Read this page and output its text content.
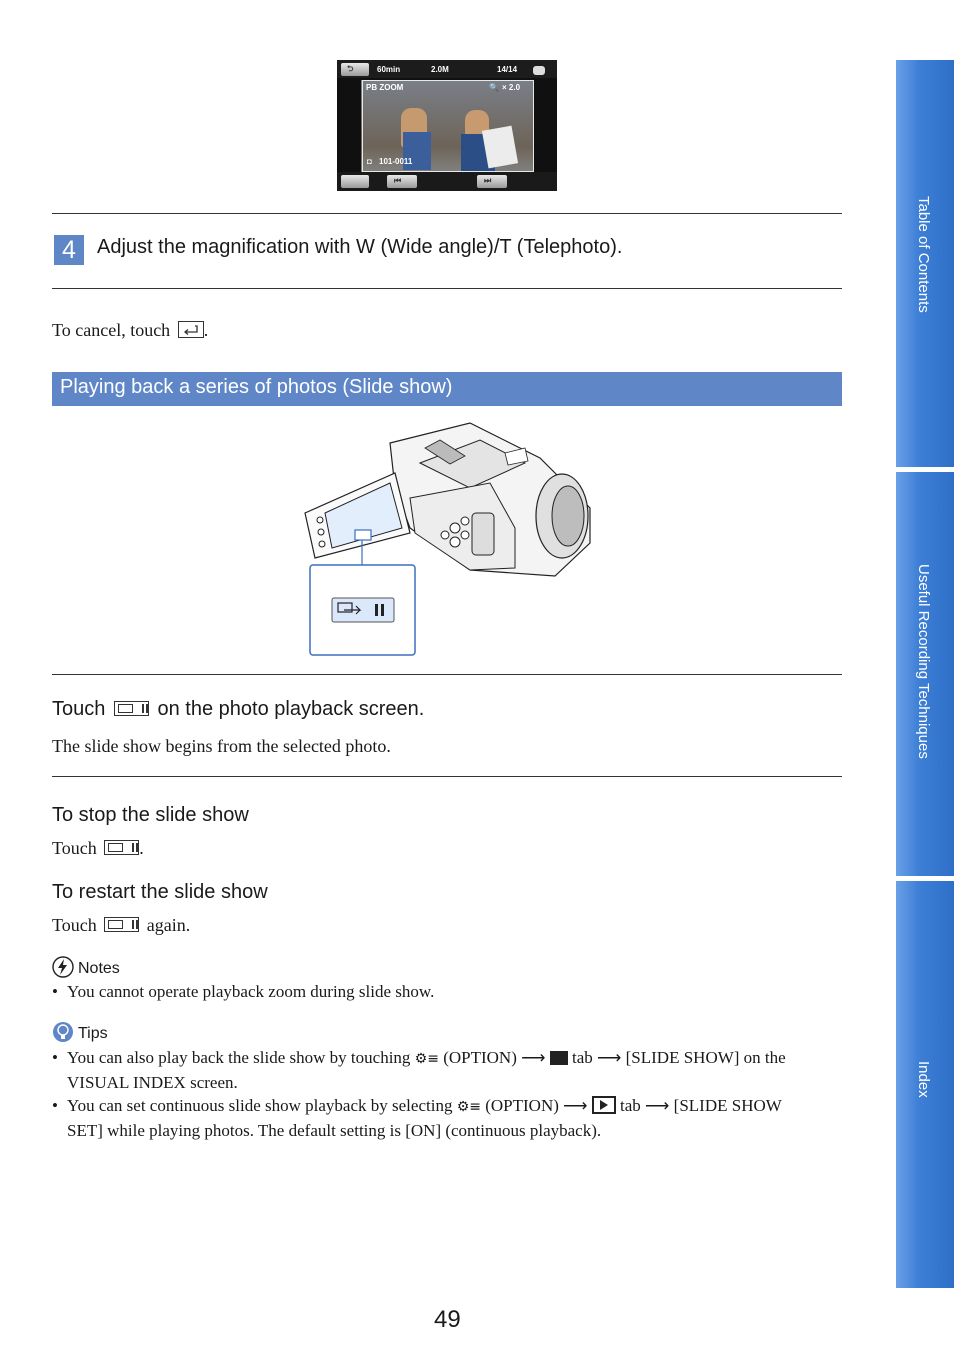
⮌	60min	2.0M	14/14
PB ZOOM	🔍 × 2.0
◘ 101-0011
⏮	⏭
4	Adjust the magnification with W (Wide angle)/T (Telephoto).
To cancel, touch .
Playing back a series of photos (Slide show)
Touch	on the photo playback screen.
The slide show begins from the selected photo.
To stop the slide show
Touch .
To restart the slide show
Touch	again.
Notes
• You cannot operate playback zoom during slide show.
Tips
• You can also play back the slide show by touching ⚙≡ (OPTION) ⟶ tab ⟶ [SLIDE SHOW] on the
VISUAL INDEX screen.
• You can set continuous slide show playback by selecting ⚙≡ (OPTION) ⟶ tab ⟶ [SLIDE SHOW
SET] while playing photos. The default setting is [ON] (continuous playback).
Table of Contents
Useful Recording Techniques
Index
49
